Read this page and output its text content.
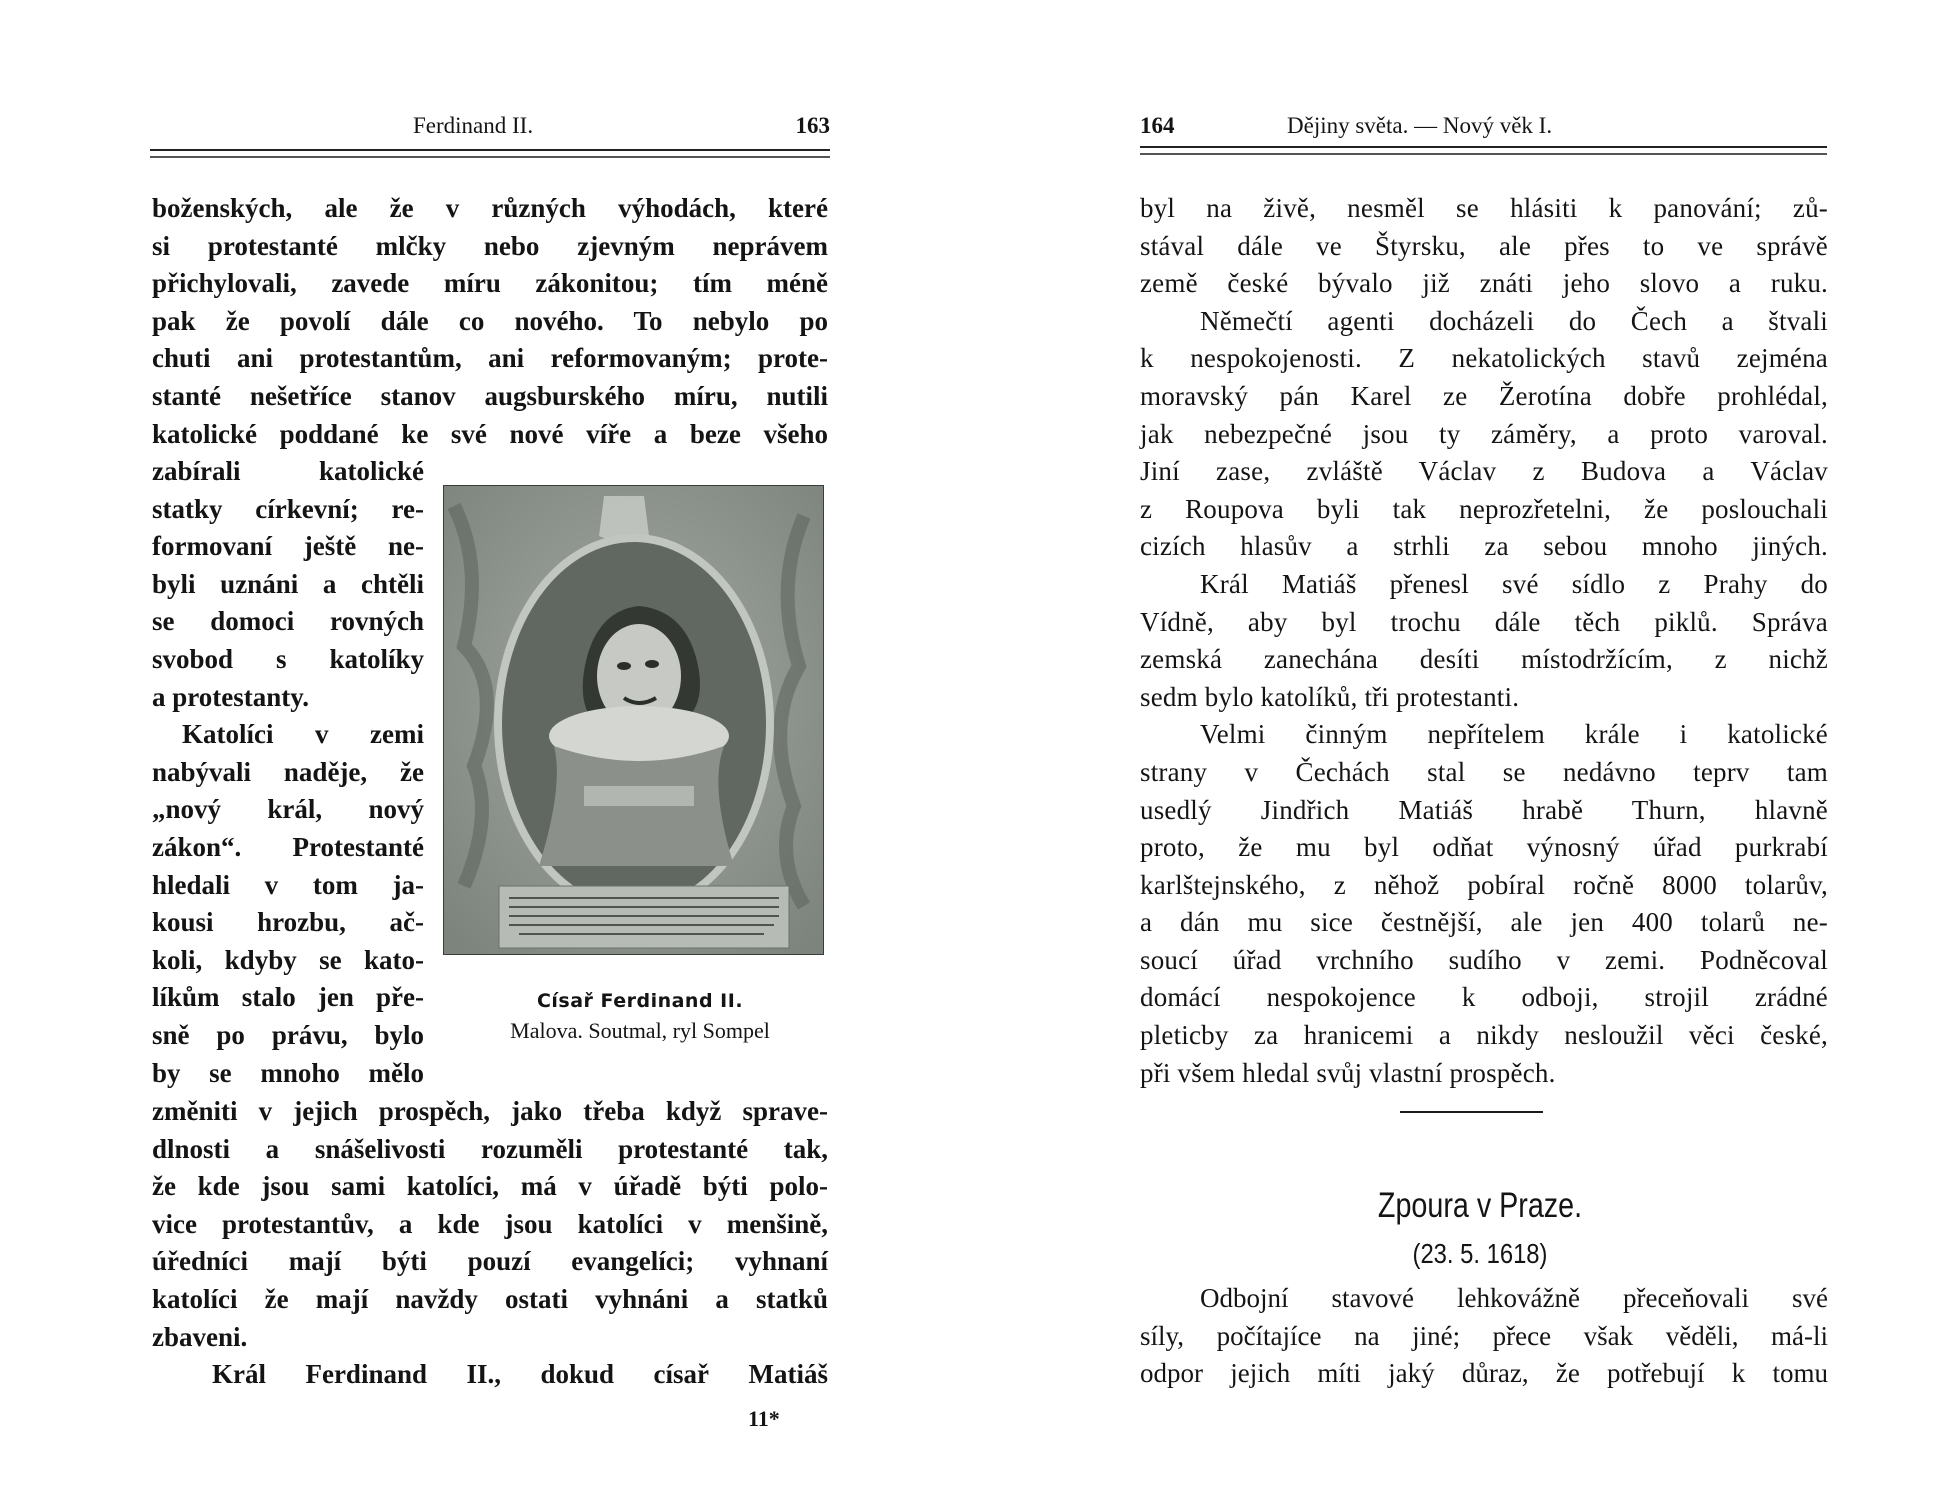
Ferdinand II.	163
boženských, ale že v různých výhodách, které
si protestanté mlčky nebo zjevným neprávem
přichylovali, zavede míru zákonitou; tím méně
pak že povolí dále co nového. To nebylo po
chuti ani protestantům, ani reformovaným; prote-
stanté nešetříce stanov augsburského míru, nutili
katolické poddané ke své nové víře a beze všeho
zabírali katolické
statky církevní; re-
formovaní ještě ne-
byli uznáni a chtěli
se domoci rovných
svobod s katolíky
a protestanty.
Katolíci v zemi
nabývali naděje, že
„nový král, nový
zákon“. Protestanté
hledali v tom ja-
kousi hrozbu, ač-
koli, kdyby se kato-
líkům stalo jen pře-
sně po právu, bylo
by se mnoho mělo
Císař Ferdinand II.
Malova. Soutmal, ryl Sompel
změniti v jejich prospěch, jako třeba když sprave-
dlnosti a snášelivosti rozuměli protestanté tak,
že kde jsou sami katolíci, má v úřadě býti polo-
vice protestantův, a kde jsou katolíci v menšině,
úředníci mají býti pouzí evangelíci; vyhnaní
katolíci že mají navždy ostati vyhnáni a statků
zbaveni.
Král Ferdinand II., dokud císař Matiáš
11*
164	Dějiny světa. — Nový věk I.
byl na živě, nesměl se hlásiti k panování; zů-
stával dále ve Štyrsku, ale přes to ve správě
země české bývalo již znáti jeho slovo a ruku.
Němečtí agenti docházeli do Čech a štvali
k nespokojenosti. Z nekatolických stavů zejména
moravský pán Karel ze Žerotína dobře prohlédal,
jak nebezpečné jsou ty záměry, a proto varoval.
Jiní zase, zvláště Václav z Budova a Václav
z Roupova byli tak neprozřetelni, že poslouchali
cizích hlasův a strhli za sebou mnoho jiných.
Král Matiáš přenesl své sídlo z Prahy do
Vídně, aby byl trochu dále těch piklů. Správa
zemská zanechána desíti místodržícím, z nichž
sedm bylo katolíků, tři protestanti.
Velmi činným nepřítelem krále i katolické
strany v Čechách stal se nedávno teprv tam
usedlý Jindřich Matiáš hrabě Thurn, hlavně
proto, že mu byl odňat výnosný úřad purkrabí
karlštejnského, z něhož pobíral ročně 8000 tolarův,
a dán mu sice čestnější, ale jen 400 tolarů ne-
soucí úřad vrchního sudího v zemi. Podněcoval
domácí nespokojence k odboji, strojil zrádné
pleticby za hranicemi a nikdy nesloužil věci české,
při všem hledal svůj vlastní prospěch.
Zpoura v Praze.
(23. 5. 1618)
Odbojní stavové lehkovážně přeceňovali své
síly, počítajíce na jiné; přece však věděli, má-li
odpor jejich míti jaký důraz, že potřebují k tomu
